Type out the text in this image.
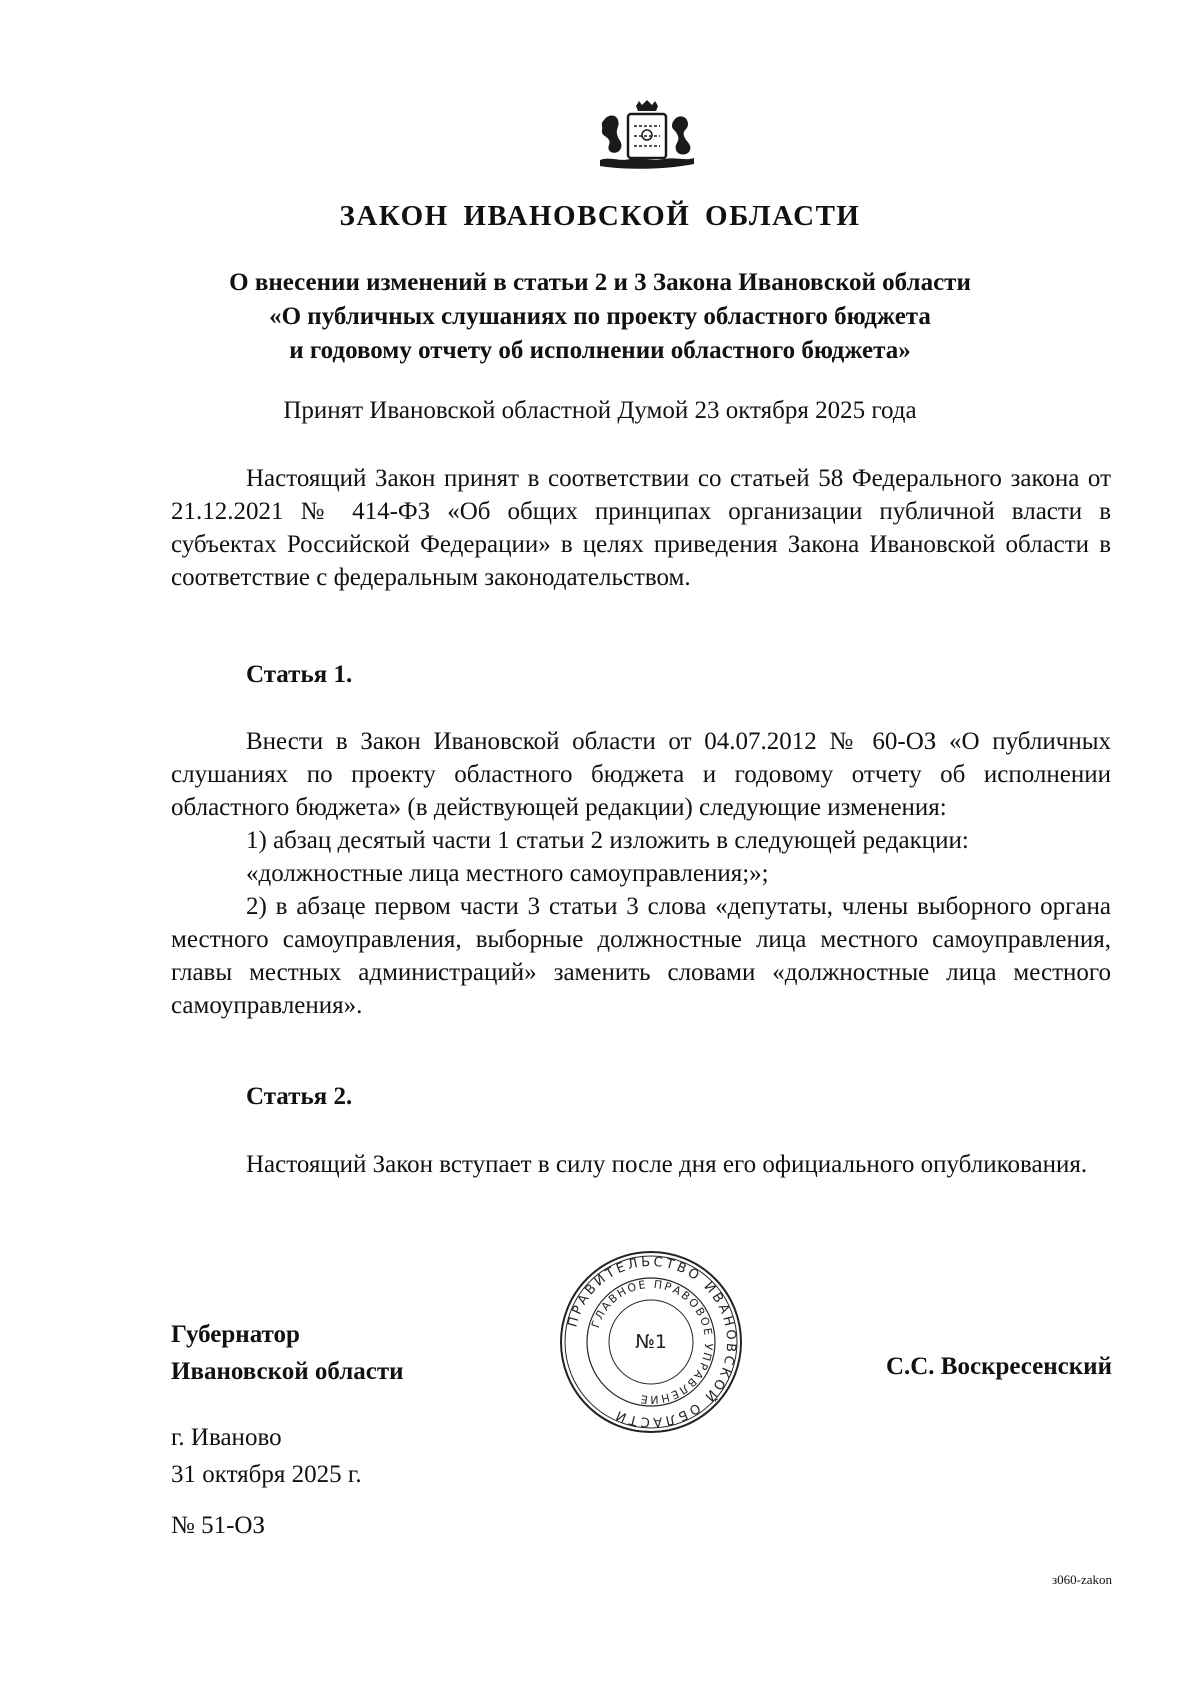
ЗАКОН ИВАНОВСКОЙ ОБЛАСТИ
О внесении изменений в статьи 2 и 3 Закона Ивановской области
«О публичных слушаниях по проекту областного бюджета
и годовому отчету об исполнении областного бюджета»
Принят Ивановской областной Думой 23 октября 2025 года

Настоящий Закон принят в соответствии со статьей 58 Федерального закона от 21.12.2021 № 414-ФЗ «Об общих принципах организации публичной власти в субъектах Российской Федерации» в целях приведения Закона Ивановской области в соответствие с федеральным законодательством.

Статья 1.

Внести в Закон Ивановской области от 04.07.2012 № 60-ОЗ «О публичных слушаниях по проекту областного бюджета и годовому отчету об исполнении областного бюджета» (в действующей редакции) следующие изменения:

1) абзац десятый части 1 статьи 2 изложить в следующей редакции:

«должностные лица местного самоуправления;»;

2) в абзаце первом части 3 статьи 3 слова «депутаты, члены выборного органа местного самоуправления, выборные должностные лица местного самоуправления, главы местных администраций» заменить словами «должностные лица местного самоуправления».

Статья 2.

Настоящий Закон вступает в силу после дня его официального опубликования.

Губернатор
Ивановской области
ПРАВИТЕЛЬСТВО ИВАНОВСКОЙ ОБЛАСТИ
ГЛАВНОЕ ПРАВОВОЕ УПРАВЛЕНИЕ
№1
С.С. Воскресенский
г. Иваново
31 октября 2025 г.
№ 51-ОЗ
з060-zakon
